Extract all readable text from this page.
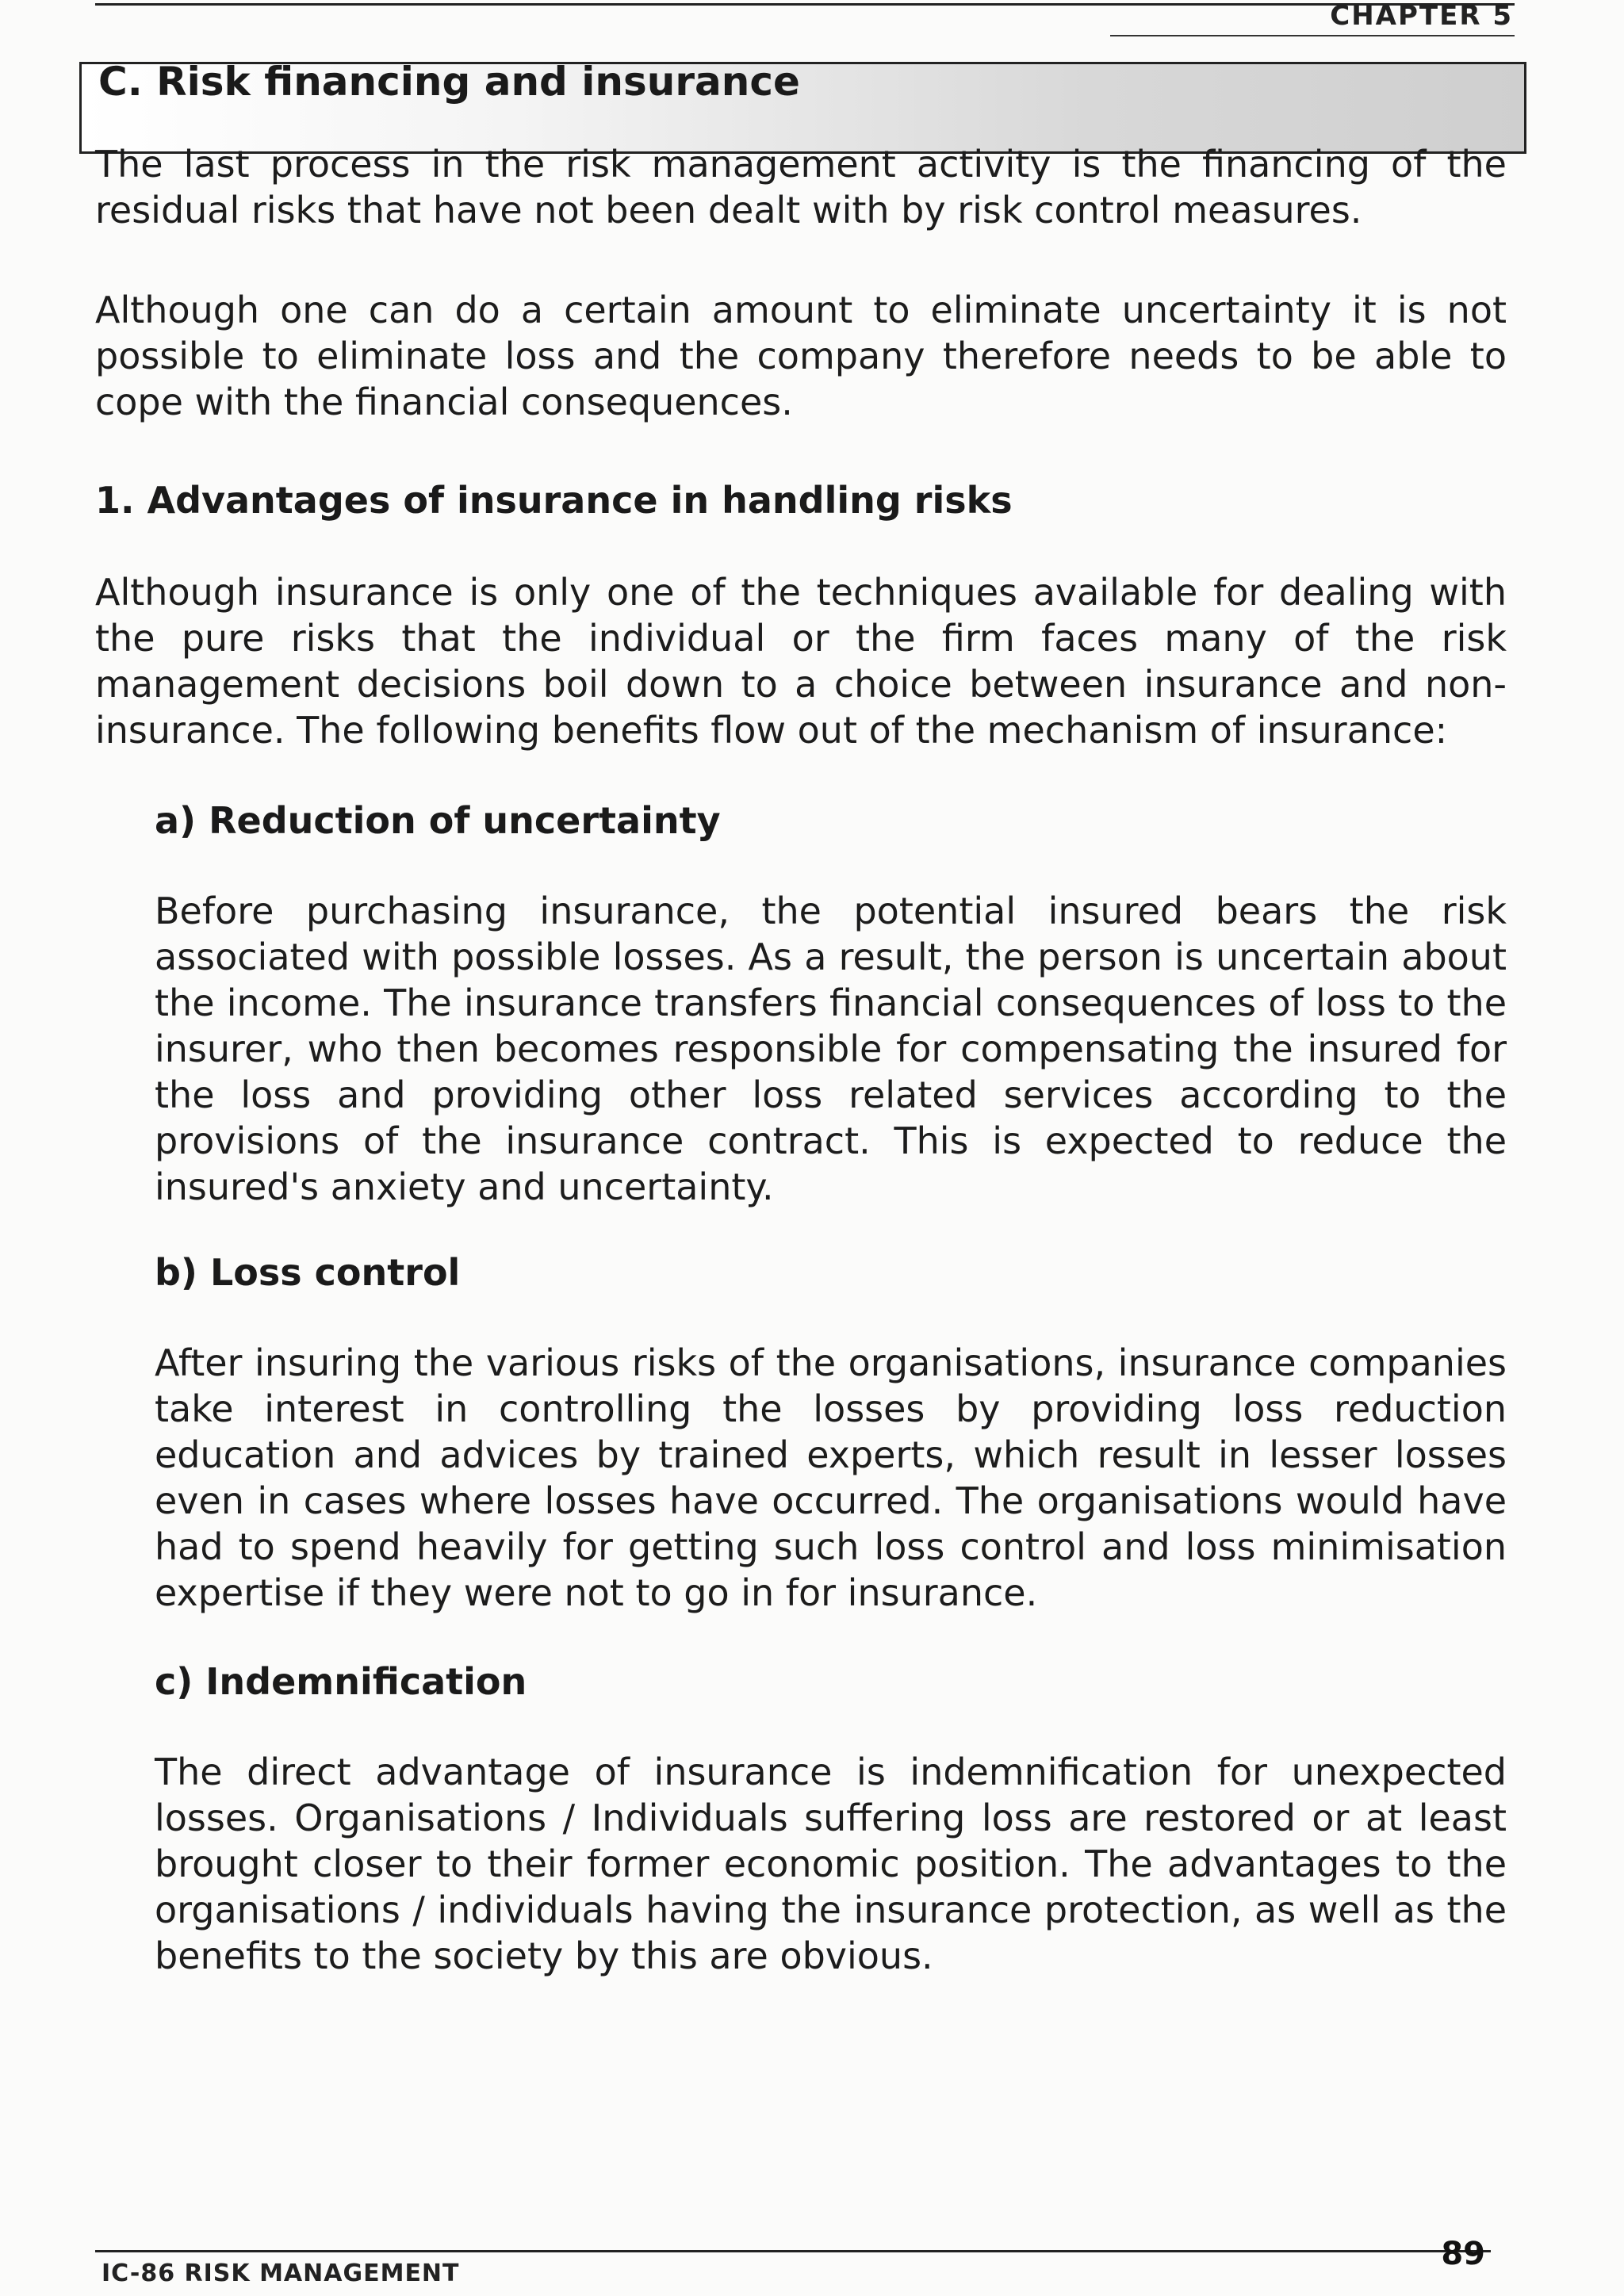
CHAPTER 5
C. Risk financing and insurance

The last process in the risk management activity is the financing of the residual risks that have not been dealt with by risk control measures.

Although one can do a certain amount to eliminate uncertainty it is not possible to eliminate loss and the company therefore needs to be able to cope with the financial consequences.

1. Advantages of insurance in handling risks

Although insurance is only one of the techniques available for dealing with the pure risks that the individual or the firm faces many of the risk management decisions boil down to a choice between insurance and non-insurance. The following benefits flow out of the mechanism of insurance:

a) Reduction of uncertainty

Before purchasing insurance, the potential insured bears the risk associated with possible losses. As a result, the person is uncertain about the income. The insurance transfers financial consequences of loss to the insurer, who then becomes responsible for compensating the insured for the loss and providing other loss related services according to the provisions of the insurance contract. This is expected to reduce the insured's anxiety and uncertainty.

b) Loss control

After insuring the various risks of the organisations, insurance companies take interest in controlling the losses by providing loss reduction education and advices by trained experts, which result in lesser losses even in cases where losses have occurred. The organisations would have had to spend heavily for getting such loss control and loss minimisation expertise if they were not to go in for insurance.

c) Indemnification

The direct advantage of insurance is indemnification for unexpected losses. Organisations / Individuals suffering loss are restored or at least brought closer to their former economic position. The advantages to the organisations / individuals having the insurance protection, as well as the benefits to the society by this are obvious.

IC-86 RISK MANAGEMENT
89
